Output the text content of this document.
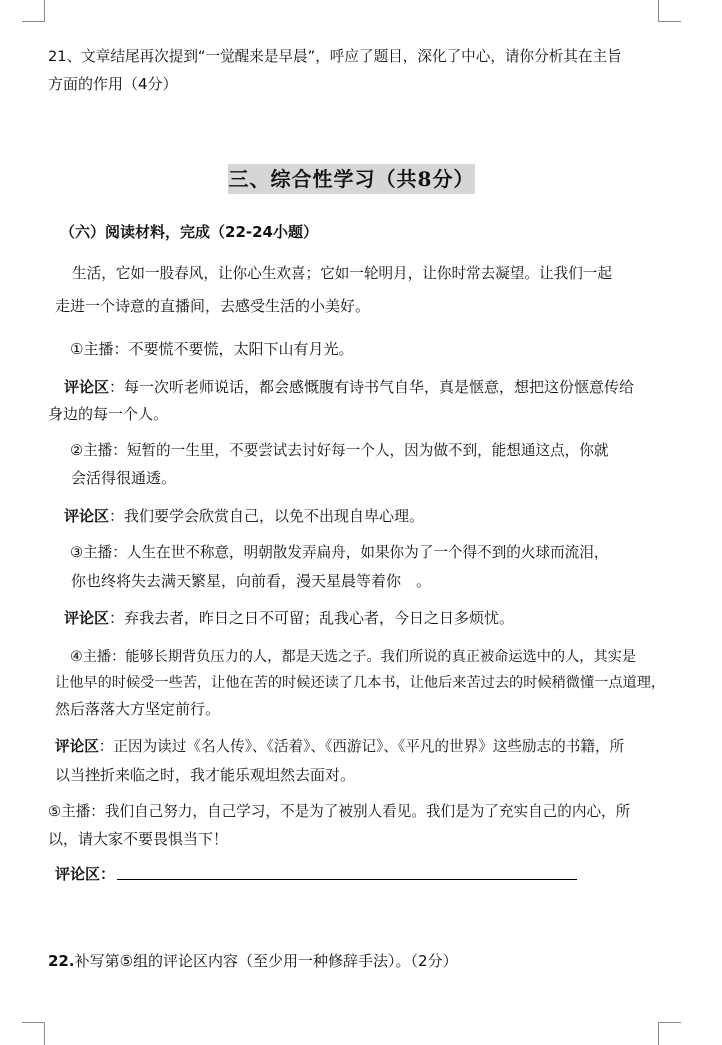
21、文章结尾再次提到“一觉醒来是早晨”，呼应了题目，深化了中心，请你分析其在主旨
方面的作用（4分）
三、综合性学习（共8分）
（六）阅读材料，完成（22-24小题）
生活，它如一股春风，让你心生欢喜；它如一轮明月，让你时常去凝望。让我们一起
走进一个诗意的直播间，去感受生活的小美好。
①主播：不要慌不要慌，太阳下山有月光。
评论区：每一次听老师说话，都会感慨腹有诗书气自华，真是惬意，想把这份惬意传给
身边的每一个人。
②主播：短暂的一生里，不要尝试去讨好每一个人，因为做不到，能想通这点，你就
会活得很通透。
评论区：我们要学会欣赏自己，以免不出现自卑心理。
③主播：人生在世不称意，明朝散发弄扁舟，如果你为了一个得不到的火球而流泪，
你也终将失去满天繁星，向前看，漫天星晨等着你　。
评论区：弃我去者，昨日之日不可留；乱我心者，今日之日多烦忧。
④主播：能够长期背负压力的人，都是天选之子。我们所说的真正被命运选中的人，其实是
让他早的时候受一些苦，让他在苦的时候还读了几本书，让他后来苦过去的时候稍微懂一点道理，
然后落落大方坚定前行。
评论区：正因为读过《名人传》、《活着》、《西游记》、《平凡的世界》这些励志的书籍，所
以当挫折来临之时，我才能乐观坦然去面对。
⑤主播：我们自己努力，自己学习，不是为了被别人看见。我们是为了充实自己的内心，所
以，请大家不要畏惧当下！
评论区：
22.补写第⑤组的评论区内容（至少用一种修辞手法）。（2分）
